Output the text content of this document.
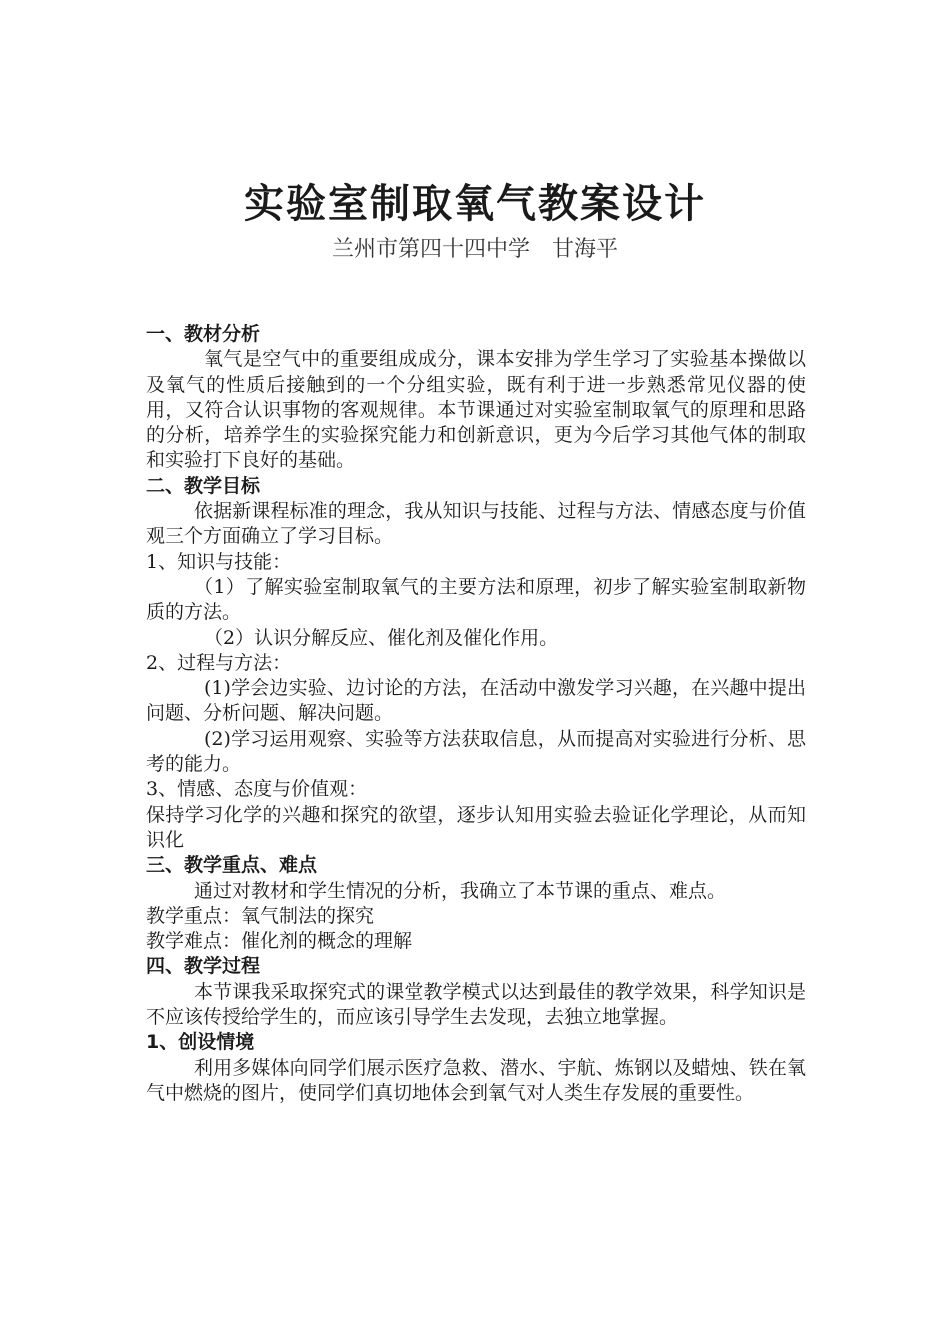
实验室制取氧气教案设计
兰州市第四十四中学　甘海平
一、教材分析
氧气是空气中的重要组成成分，课本安排为学生学习了实验基本操做以及氧气的性质后接触到的一个分组实验，既有利于进一步熟悉常见仪器的使用，又符合认识事物的客观规律。本节课通过对实验室制取氧气的原理和思路的分析，培养学生的实验探究能力和创新意识，更为今后学习其他气体的制取和实验打下良好的基础。
二、教学目标
依据新课程标准的理念，我从知识与技能、过程与方法、情感态度与价值观三个方面确立了学习目标。
1、知识与技能：
（1）了解实验室制取氧气的主要方法和原理，初步了解实验室制取新物质的方法。
（2）认识分解反应、催化剂及催化作用。
2、过程与方法：
(1)学会边实验、边讨论的方法，在活动中激发学习兴趣，在兴趣中提出问题、分析问题、解决问题。
(2)学习运用观察、实验等方法获取信息，从而提高对实验进行分析、思考的能力。
3、情感、态度与价值观：
保持学习化学的兴趣和探究的欲望，逐步认知用实验去验证化学理论，从而知识化
三、教学重点、难点
通过对教材和学生情况的分析，我确立了本节课的重点、难点。
教学重点：氧气制法的探究
教学难点：催化剂的概念的理解
四、教学过程
本节课我采取探究式的课堂教学模式以达到最佳的教学效果，科学知识是不应该传授给学生的，而应该引导学生去发现，去独立地掌握。
1、创设情境
利用多媒体向同学们展示医疗急救、潜水、宇航、炼钢以及蜡烛、铁在氧气中燃烧的图片，使同学们真切地体会到氧气对人类生存发展的重要性。
